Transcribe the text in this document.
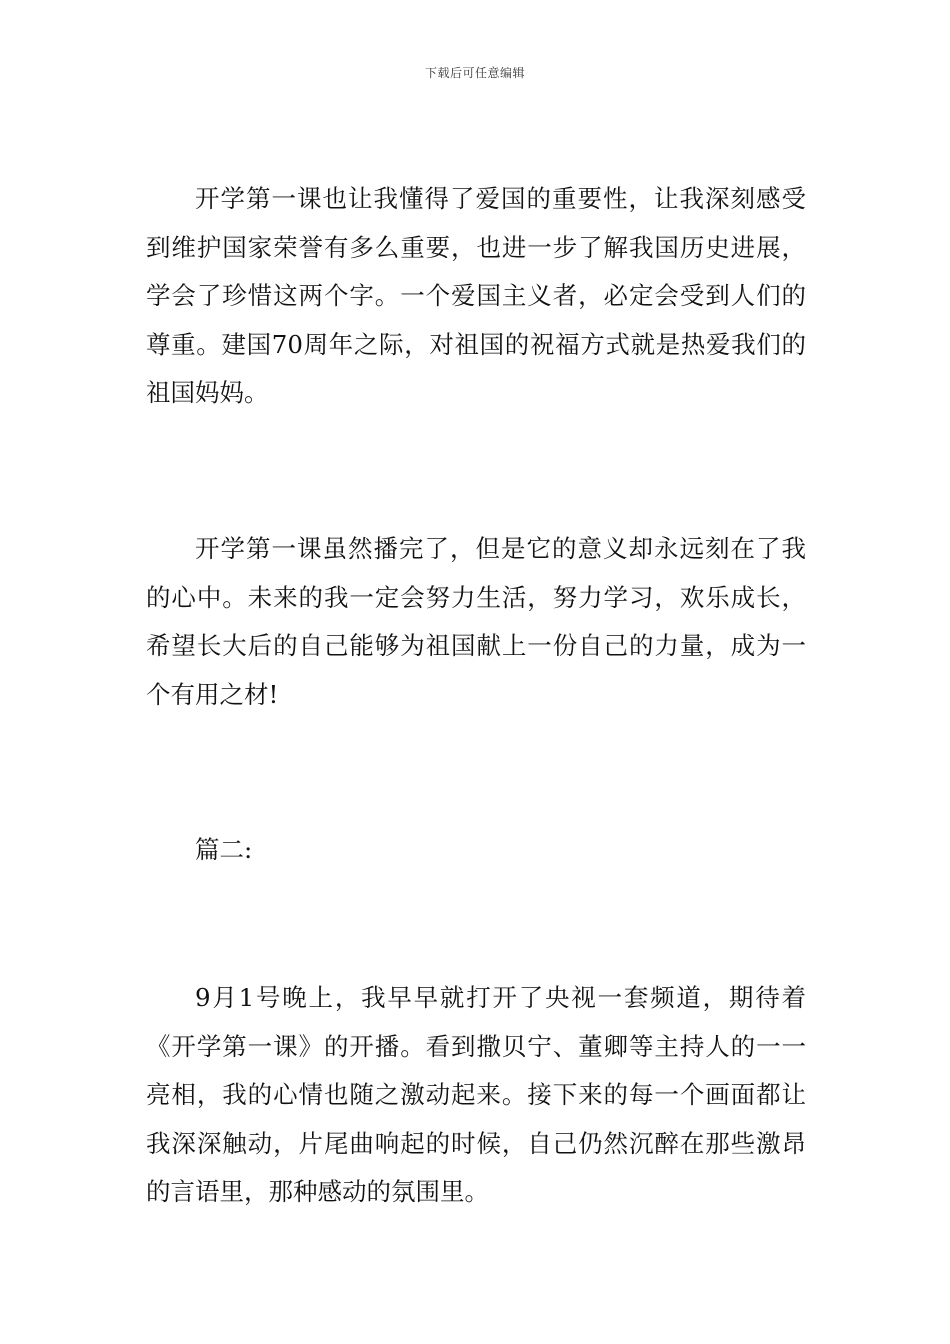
下载后可任意编辑

开学第一课也让我懂得了爱国的重要性，让我深刻感受到维护国家荣誉有多么重要，也进一步了解我国历史进展，学会了珍惜这两个字。一个爱国主义者，必定会受到人们的尊重。建国70周年之际，对祖国的祝福方式就是热爱我们的祖国妈妈。

开学第一课虽然播完了，但是它的意义却永远刻在了我的心中。未来的我一定会努力生活，努力学习，欢乐成长，希望长大后的自己能够为祖国献上一份自己的力量，成为一个有用之材!

篇二:

9月1号晚上，我早早就打开了央视一套频道，期待着《开学第一课》的开播。看到撒贝宁、董卿等主持人的一一亮相，我的心情也随之激动起来。接下来的每一个画面都让我深深触动，片尾曲响起的时候，自己仍然沉醉在那些激昂的言语里，那种感动的氛围里。
